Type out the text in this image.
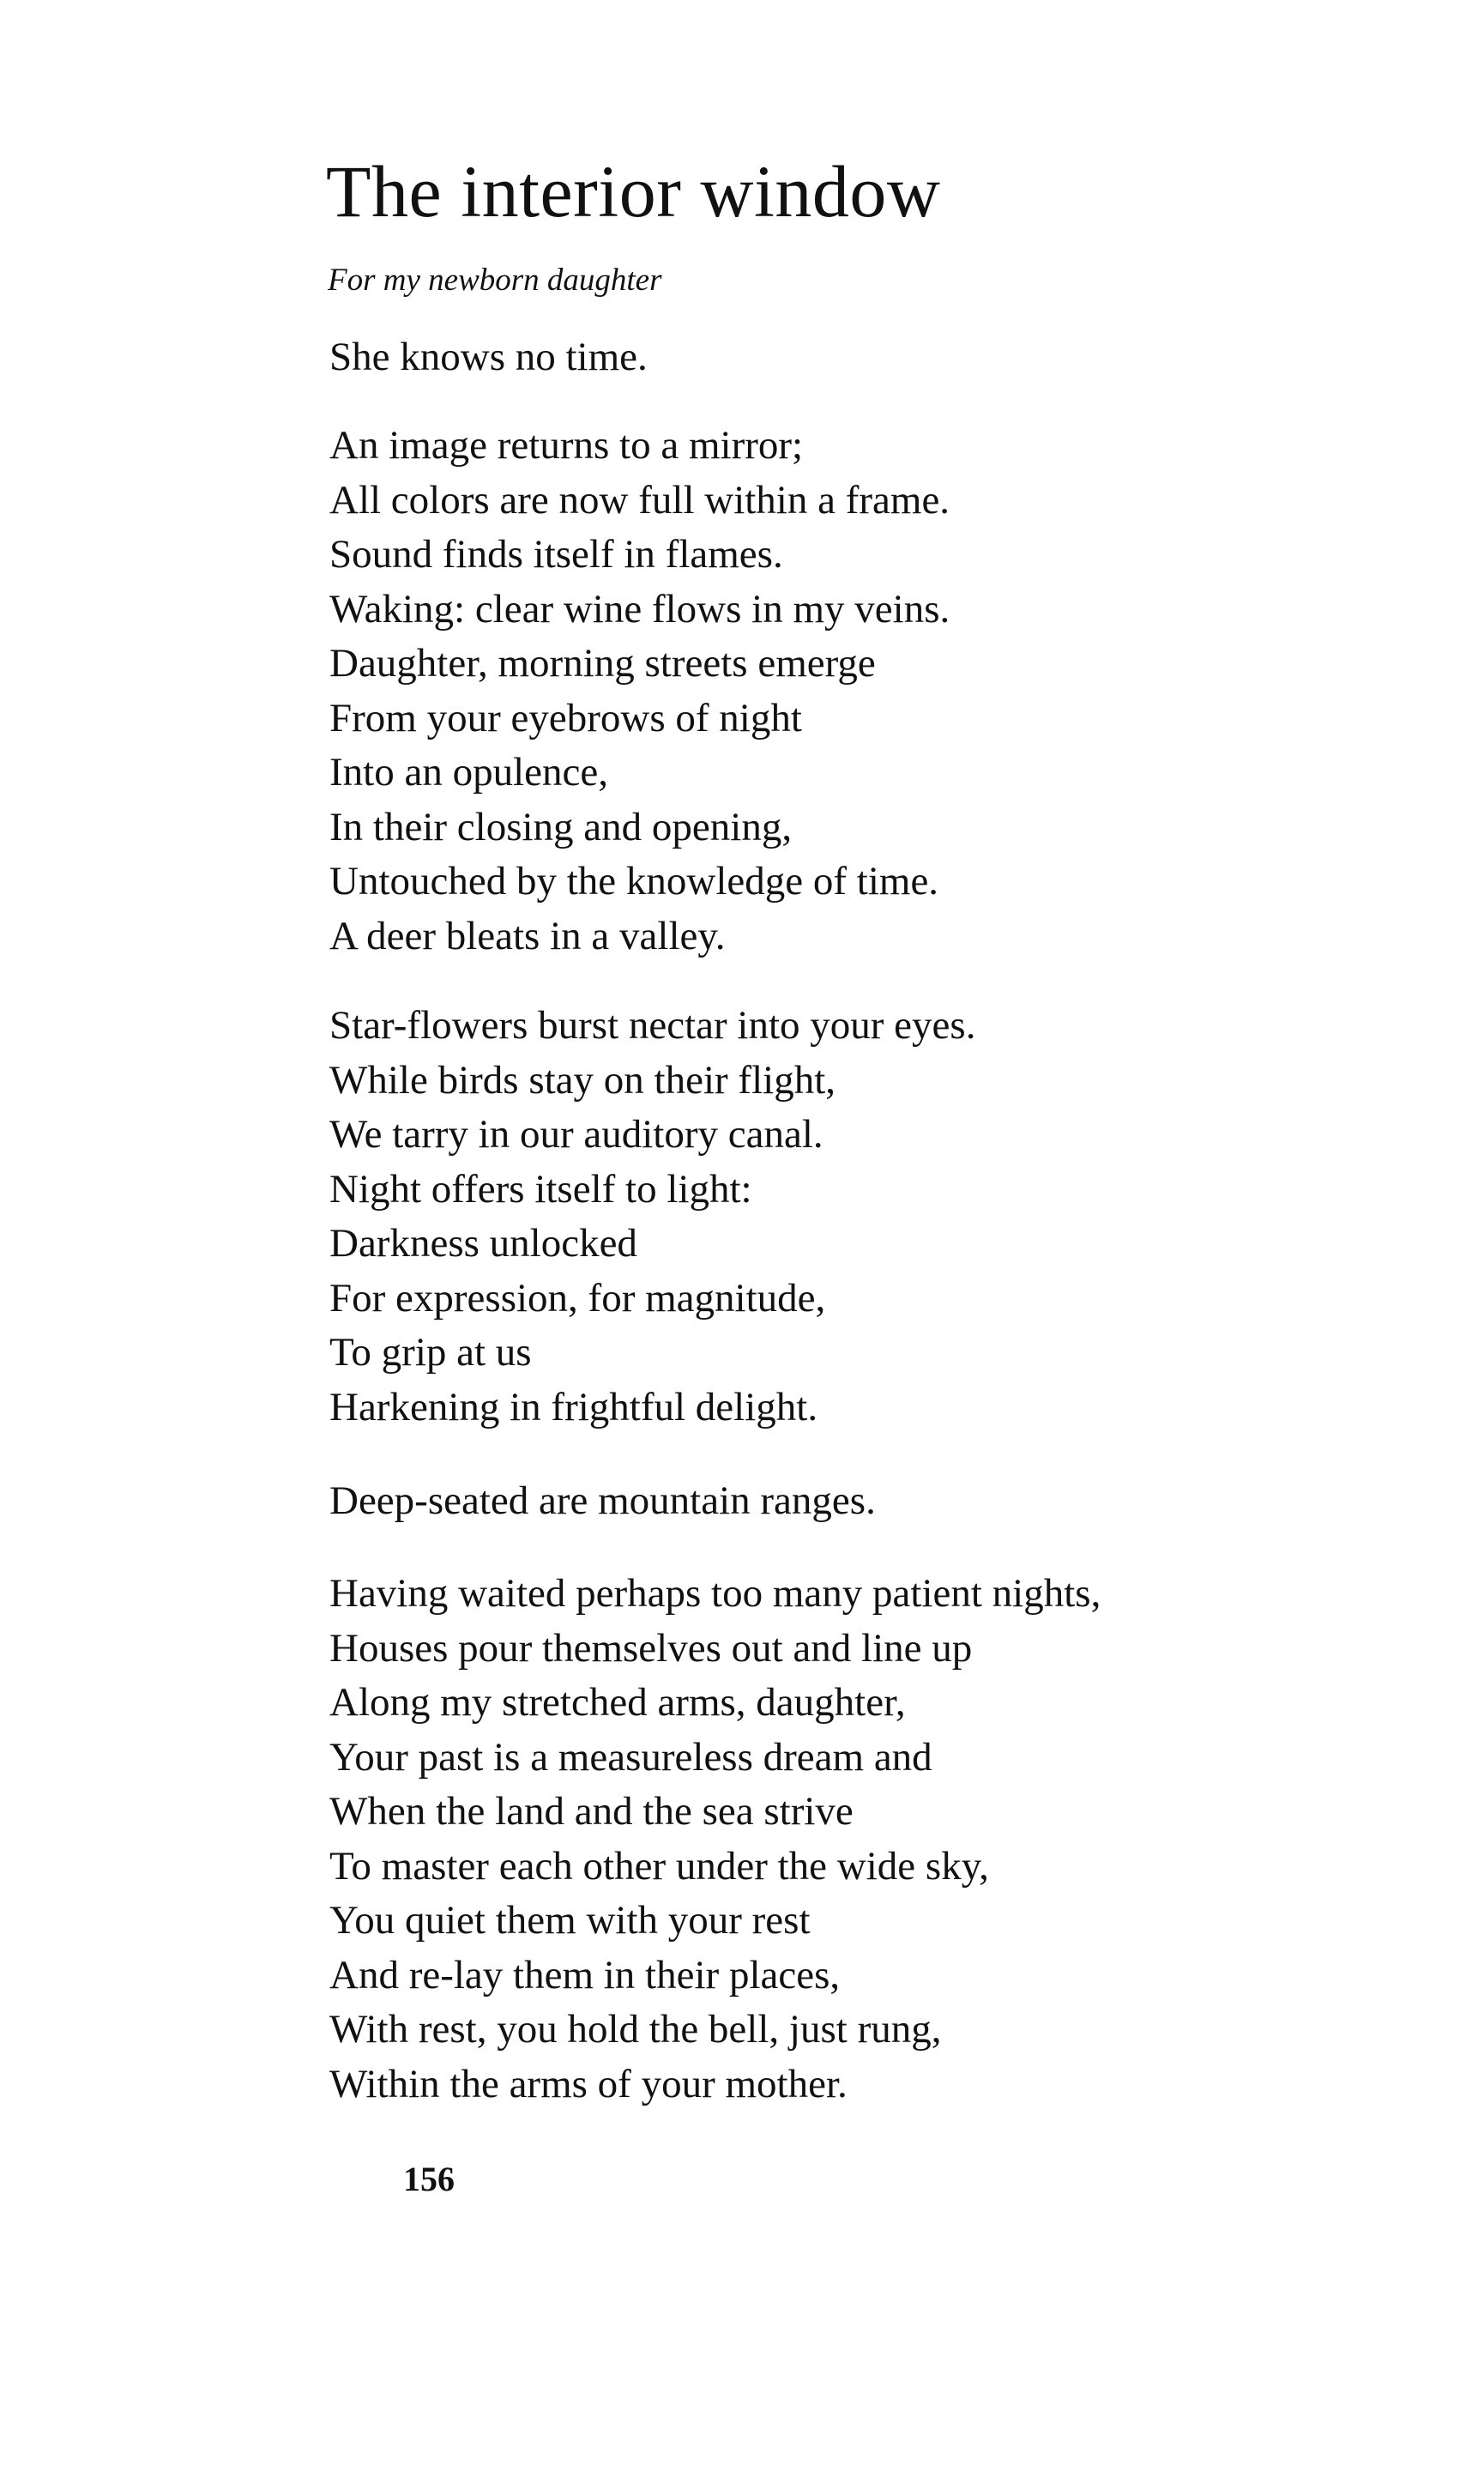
The interior window

For my newborn daughter

She knows no time.
An image returns to a mirror;
All colors are now full within a frame.
Sound finds itself in flames.
Waking: clear wine flows in my veins.
Daughter, morning streets emerge
From your eyebrows of night
Into an opulence,
In their closing and opening,
Untouched by the knowledge of time.
A deer bleats in a valley.
Star-flowers burst nectar into your eyes.
While birds stay on their flight,
We tarry in our auditory canal.
Night offers itself to light:
Darkness unlocked
For expression, for magnitude,
To grip at us
Harkening in frightful delight.
Deep-seated are mountain ranges.
Having waited perhaps too many patient nights,
Houses pour themselves out and line up
Along my stretched arms, daughter,
Your past is a measureless dream and
When the land and the sea strive
To master each other under the wide sky,
You quiet them with your rest
And re-lay them in their places,
With rest, you hold the bell, just rung,
Within the arms of your mother.

156
